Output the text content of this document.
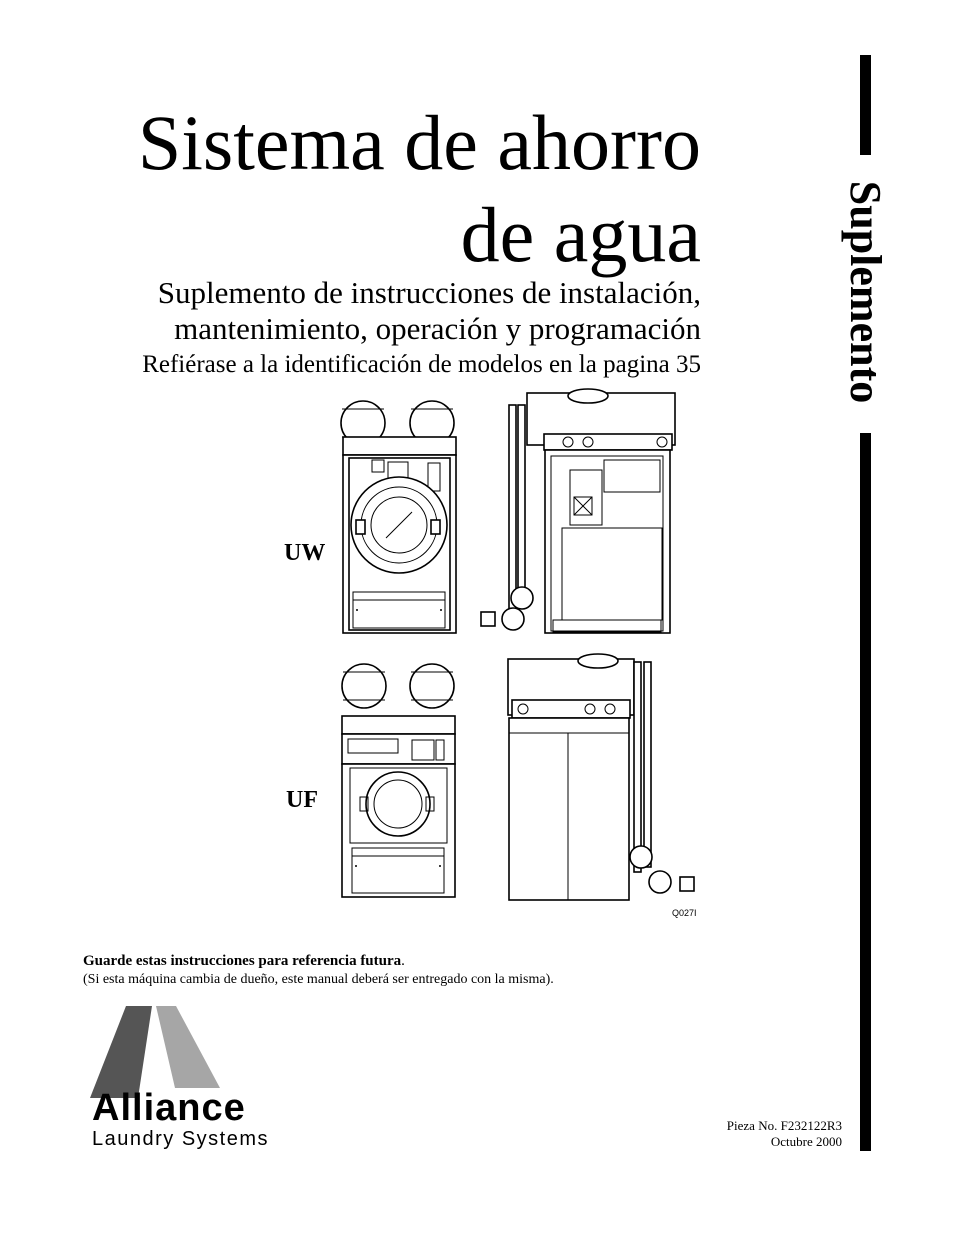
Sistema de ahorro
de agua
Suplemento de instrucciones de instalación,
mantenimiento, operación y programación
Refiérase a la identificación de modelos en la pagina 35	Suplemento
UW
UF
Q027I
Guarde estas instrucciones para referencia futura.
(Si esta máquina cambia de dueño, este manual deberá ser entregado con la misma).
Alliance
Laundry Systems
Pieza No. F232122R3
Octubre 2000
